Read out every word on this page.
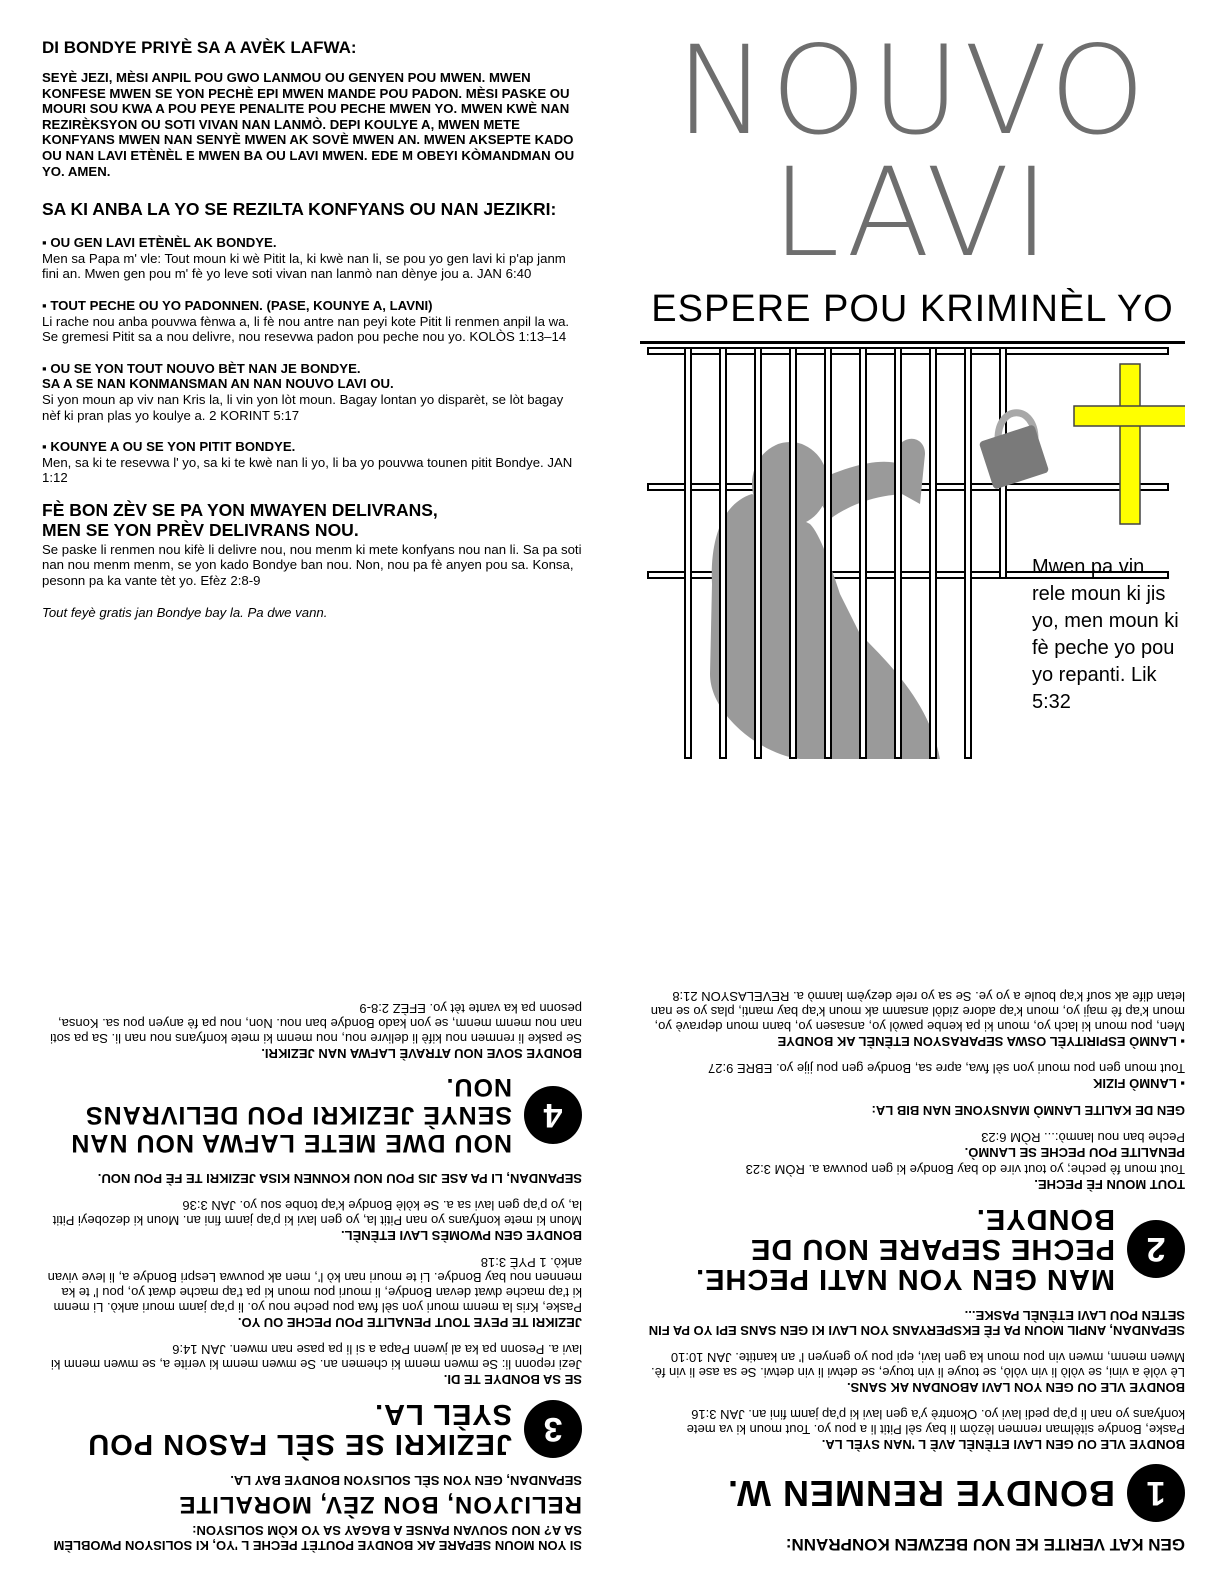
DI BONDYE PRIYÈ SA A AVÈK LAFWA:

SEYÈ JEZI, MÈSI ANPIL POU GWO LANMOU OU GENYEN POU MWEN. MWEN KONFESE MWEN SE YON PECHÈ EPI MWEN MANDE POU PADON. MÈSI PASKE OU MOURI SOU KWA A POU PEYE PENALITE POU PECHE MWEN YO. MWEN KWÈ NAN REZIRÈKSYON OU SOTI VIVAN NAN LANMÒ. DEPI KOULYE A, MWEN METE KONFYANS MWEN NAN SENYÈ MWEN AK SOVÈ MWEN AN. MWEN AKSEPTE KADO OU NAN LAVI ETÈNÈL E MWEN BA OU LAVI MWEN. EDE M OBEYI KÒMANDMAN OU YO. AMEN.

SA KI ANBA LA YO SE REZILTA KONFYANS OU NAN JEZIKRI:
▪ OU GEN LAVI ETÈNÈL AK BONDYE.
Men sa Papa m' vle: Tout moun ki wè Pitit la, ki kwè nan li, se pou yo gen lavi ki p'ap janm fini an. Mwen gen pou m' fè yo leve soti vivan nan lanmò nan dènye jou a. JAN 6:40
▪ TOUT PECHE OU YO PADONNEN. (PASE, KOUNYE A, LAVNI)
Li rache nou anba pouvwa fènwa a, li fè nou antre nan peyi kote Pitit li renmen anpil la wa. Se gremesi Pitit sa a nou delivre, nou resevwa padon pou peche nou yo. KOLÒS 1:13–14
▪ OU SE YON TOUT NOUVO BÈT NAN JE BONDYE.
SA A SE NAN KONMANSMAN AN NAN NOUVO LAVI OU.
Si yon moun ap viv nan Kris la, li vin yon lòt moun. Bagay lontan yo disparèt, se lòt bagay nèf ki pran plas yo koulye a. 2 KORINT 5:17
▪ KOUNYE A OU SE YON PITIT BONDYE.
Men, sa ki te resevwa l' yo, sa ki te kwè nan li yo, li ba yo pouvwa tounen pitit Bondye. JAN 1:12
FÈ BON ZÈV SE PA YON MWAYEN DELIVRANS,
MEN SE YON PRÈV DELIVRANS NOU.

Se paske li renmen nou kifè li delivre nou, nou menm ki mete konfyans nou nan li. Sa pa soti nan nou menm menm, se yon kado Bondye ban nou. Non, nou pa fè anyen pou sa. Konsa, pesonn pa ka vante tèt yo. Efèz 2:8-9

Tout feyè gratis jan Bondye bay la. Pa dwe vann.
NOUVO
LAVI
ESPERE POU KRIMINÈL YO
Mwen pa vin rele moun ki jis yo, men moun ki fè peche yo pou yo repanti. Lik 5:32
SI YON MOUN SEPARE AK BONDYE POUTÈT PECHE L 'YO, KI SOLISYON PWOBLÈM SA A? NOU SOUVAN PANSE A BAGAY SA YO KÒM SOLISYON:
RELIJYON, BON ZÈV, MORALITE
SEPANDAN, GEN YON SÈL SOLISYON BONDYE BAY LA.
3
JEZIKRI SE SÈL FASON POU SYÈL LA.
SE SA BONDYE TE DI.
Jezi reponn li: Se mwen menm ki chemen an. Se mwen menm ki verite a, se mwen menm ki lavi a. Pesonn pa ka al jwenn Papa a si li pa pase nan mwen. JAN 14:6
JEZIKRI TE PEYE TOUT PENALITE POU PECHE OU YO.
Paske, Kris la menm mouri yon sèl fwa pou peche nou yo. li p'ap janm mouri ankò. Li menm ki t'ap mache dwat devan Bondye, li mouri pou moun ki pa t'ap mache dwat yo, pou l' te ka mennen nou bay Bondye. Li te mouri nan kò l', men ak pouvwa Lespri Bondye a, li leve vivan ankò. 1 PYÈ 3:18
BONDYE GEN PWOMÈS LAVI ETÈNÈL.
Moun ki mete konfyans yo nan Pitit la, yo gen lavi ki p'ap janm fini an. Moun ki dezobeyi Pitit la, yo p'ap gen lavi sa a. Se kòlè Bondye k'ap tonbe sou yo. JAN 3:36
SEPANDAN, LI PA ASE JIS POU NOU KONNEN KISA JEZIKRI TE FÈ POU NOU.
4
NOU DWE METE LAFWA NOU NAN SENYÈ JEZIKRI POU DELIVRANS NOU.
BONDYE SOVE NOU ATRAVÈ LAFWA NAN JEZIKRI.
Se paske li renmen nou kifè li delivre nou, nou menm ki mete konfyans nou nan li. Sa pa soti nan nou menm menm, se yon kado Bondye ban nou. Non, nou pa fè anyen pou sa. Konsa, pesonn pa ka vante tèt yo. EFÈZ 2:8-9
GEN KAT VERITE KE NOU BEZWEN KONPRANN:
1
BONDYE RENMEN W.
BONDYE VLE OU GEN LAVI ETÈNÈL AVÈ L 'NAN SYÈL LA.
Paske, Bondye sitèlman renmen lèzòm li bay sèl Pitit li a pou yo. Tout moun ki va mete konfyans yo nan li p'ap pedi lavi yo. Okontrè y'a gen lavi ki p'ap janm fini an. JAN 3:16
BONDYE VLE OU GEN YON LAVI ABONDAN AK SANS.
Lè vòlè a vini, se vòlò li vin vòlò, se touye li vin touye, se detwi li vin detwi. Se sa ase li vin fè. Mwen menm, mwen vin pou moun ka gen lavi, epi pou yo genyen l' an kantite. JAN 10:10
SEPANDAN, ANPIL MOUN PA FÈ EKSPERYANS YON LAVI KI GEN SANS EPI YO PA FIN SETEN POU LAVI ETÈNÈL PASKE...
2
MAN GEN YON NATI PECHE. PECHE SEPARE NOU DE BONDYE.
TOUT MOUN FÈ PECHE.
Tout moun fè peche; yo tout vire do bay Bondye ki gen pouvwa a. RÒM 3:23
PENALITE POU PECHE SE LANMÒ.
Peche ban nou lanmò:... RÒM 6:23
GEN DE KALITE LANMÒ MANSYONE NAN BIB LA:
▪ LANMÒ FIZIK
Tout moun gen pou mouri yon sèl fwa, apre sa, Bondye gen pou jije yo. EBRE 9:27
▪ LANMÒ ESPIRITYÈL OSWA SEPARASYON ETÈNÈL AK BONDYE
Men, pou moun ki lach yo, moun ki pa kenbe pawòl yo, ansasen yo, bann moun depravè yo, moun k'ap fè maji yo, moun k'ap adore zidòl ansanm ak moun k'ap bay manti, plas yo se nan letan dife ak souf k'ap boule a yo ye. Se sa yo rele dezyèm lanmò a. REVELASYON 21:8
